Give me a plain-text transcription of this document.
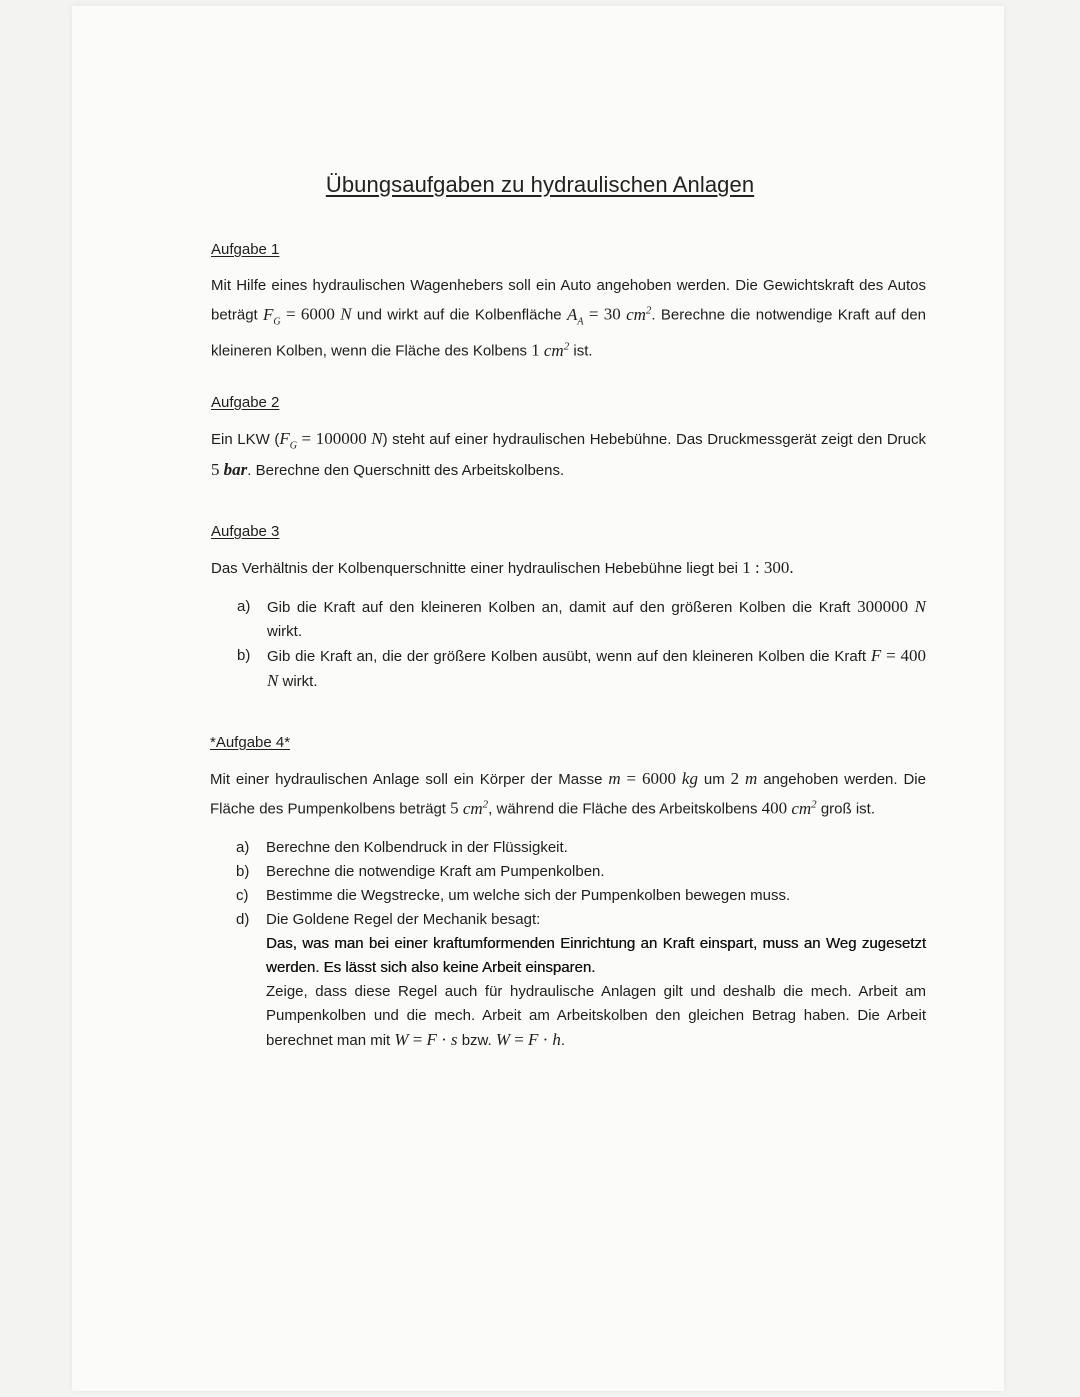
Übungsaufgaben zu hydraulischen Anlagen
Aufgabe 1
Mit Hilfe eines hydraulischen Wagenhebers soll ein Auto angehoben werden. Die Gewichtskraft des Autos beträgt $F_G = 6000$ N und wirkt auf die Kolbenfläche $A_A = 30$ $cm^2$. Berechne die notwendige Kraft auf den kleineren Kolben, wenn die Fläche des Kolbens 1 $cm^2$ ist.
Aufgabe 2
Ein LKW ($F_G = 100000$ N) steht auf einer hydraulischen Hebebühne. Das Druckmessgerät zeigt den Druck 5 bar. Berechne den Querschnitt des Arbeitskolbens.
Aufgabe 3
Das Verhältnis der Kolbenquerschnitte einer hydraulischen Hebebühne liegt bei 1 : 300.
a) Gib die Kraft auf den kleineren Kolben an, damit auf den größeren Kolben die Kraft 300000 N wirkt.
b) Gib die Kraft an, die der größere Kolben ausübt, wenn auf den kleineren Kolben die Kraft F = 400 N wirkt.
*Aufgabe 4*
Mit einer hydraulischen Anlage soll ein Körper der Masse m = 6000 kg um 2 m angehoben werden. Die Fläche des Pumpenkolbens beträgt 5 $cm^2$, während die Fläche des Arbeitskolbens 400 $cm^2$ groß ist.
a) Berechne den Kolbendruck in der Flüssigkeit.
b) Berechne die notwendige Kraft am Pumpenkolben.
c) Bestimme die Wegstrecke, um welche sich der Pumpenkolben bewegen muss.
d) Die Goldene Regel der Mechanik besagt:
Das, was man bei einer kraftumformenden Einrichtung an Kraft einspart, muss an Weg zugesetzt werden. Es lässt sich also keine Arbeit einsparen.
Zeige, dass diese Regel auch für hydraulische Anlagen gilt und deshalb die mech. Arbeit am Pumpenkolben und die mech. Arbeit am Arbeitskolben den gleichen Betrag haben. Die Arbeit berechnet man mit W = F · s bzw. W = F · h.
